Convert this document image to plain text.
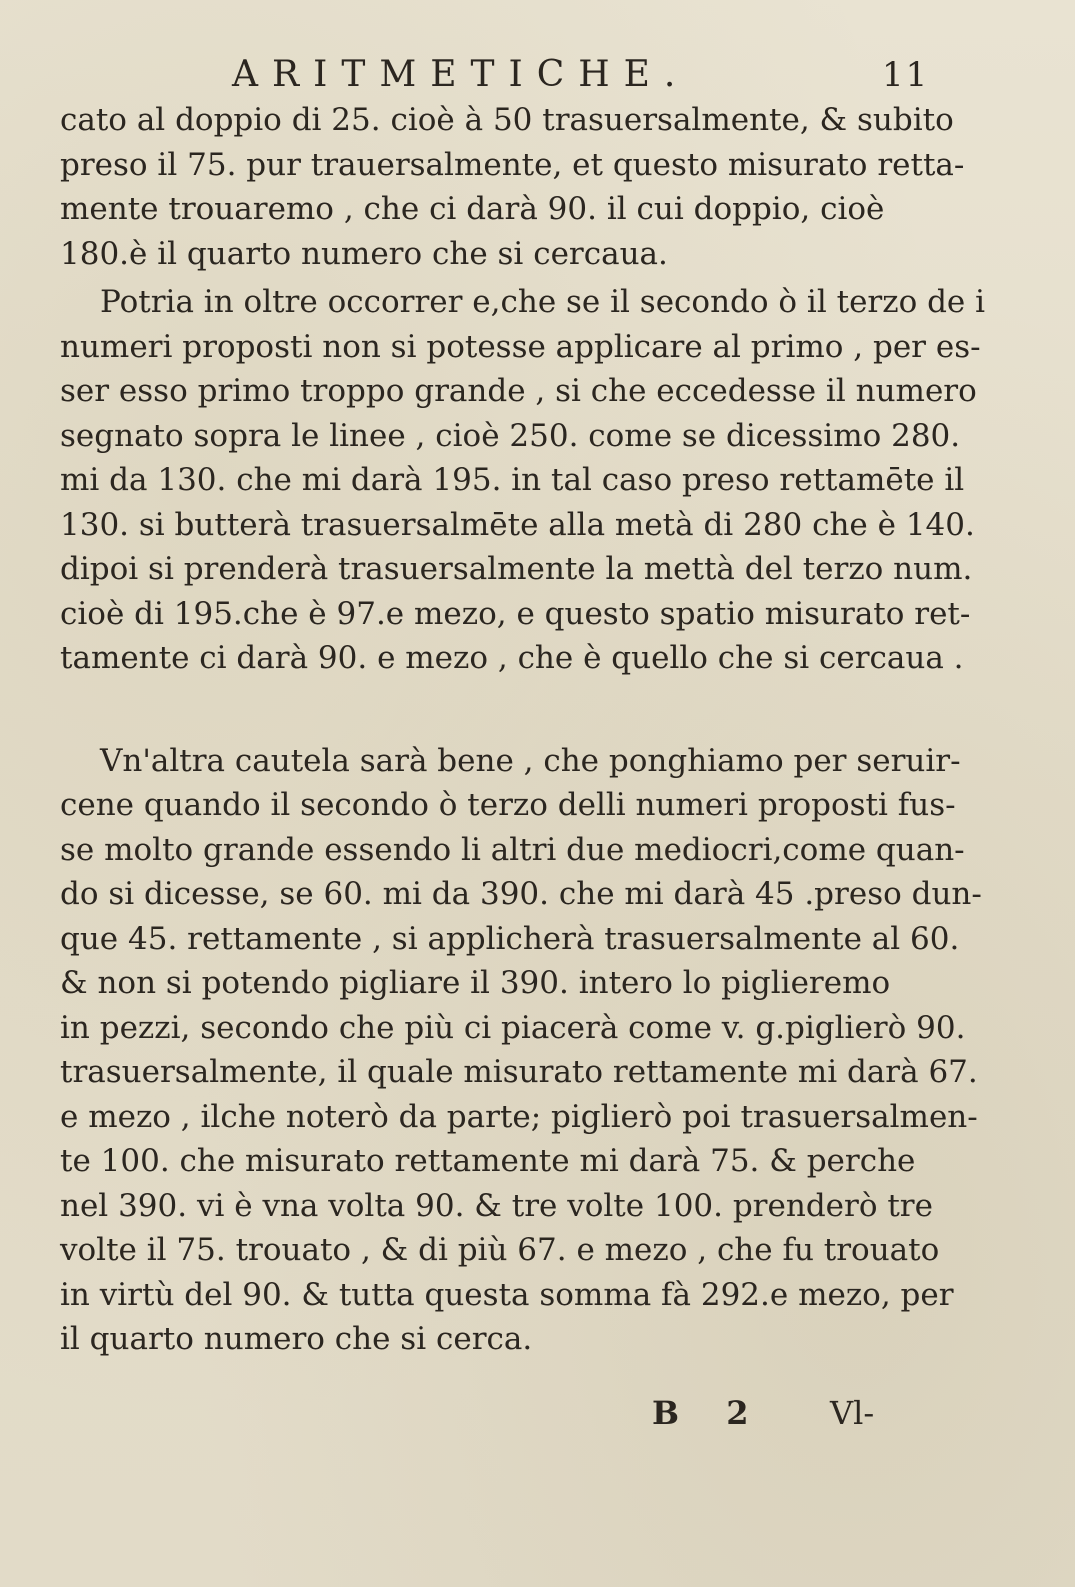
ARITMETICHE.	11

cato al doppio di 25. cioè à 50 trasuersalmente, & subito
preso il 75. pur trauersalmente, et questo misurato retta-
mente trouaremo , che ci darà 90. il cui doppio, cioè
180.è il quarto numero che si cercaua.

Potria in oltre occorrer e,che se il secondo ò il terzo de i
numeri proposti non si potesse applicare al primo , per es-
ser esso primo troppo grande , si che eccedesse il numero
segnato sopra le linee , cioè 250. come se dicessimo 280.
mi da 130. che mi darà 195. in tal caso preso rettamēte il
130. si butterà trasuersalmēte alla metà di 280 che è 140.
dipoi si prenderà trasuersalmente la mettà del terzo num.
cioè di 195.che è 97.e mezo, e questo spatio misurato ret-
tamente ci darà 90. e mezo , che è quello che si cercaua .

Vn'altra cautela sarà bene , che ponghiamo per seruir-
cene quando il secondo ò terzo delli numeri proposti fus-
se molto grande essendo li altri due mediocri,come quan-
do si dicesse, se 60. mi da 390. che mi darà 45 .preso dun-
que 45. rettamente , si applicherà trasuersalmente al 60.
& non si potendo pigliare il 390. intero lo piglieremo
in pezzi, secondo che più ci piacerà come v. g.piglierò 90.
trasuersalmente, il quale misurato rettamente mi darà 67.
e mezo , ilche noterò da parte; piglierò poi trasuersalmen-
te 100. che misurato rettamente mi darà 75. & perche
nel 390. vi è vna volta 90. & tre volte 100. prenderò tre
volte il 75. trouato , & di più 67. e mezo , che fu trouato
in virtù del 90. & tutta questa somma fà 292.e mezo, per
il quarto numero che si cerca.

B 2 Vl-
